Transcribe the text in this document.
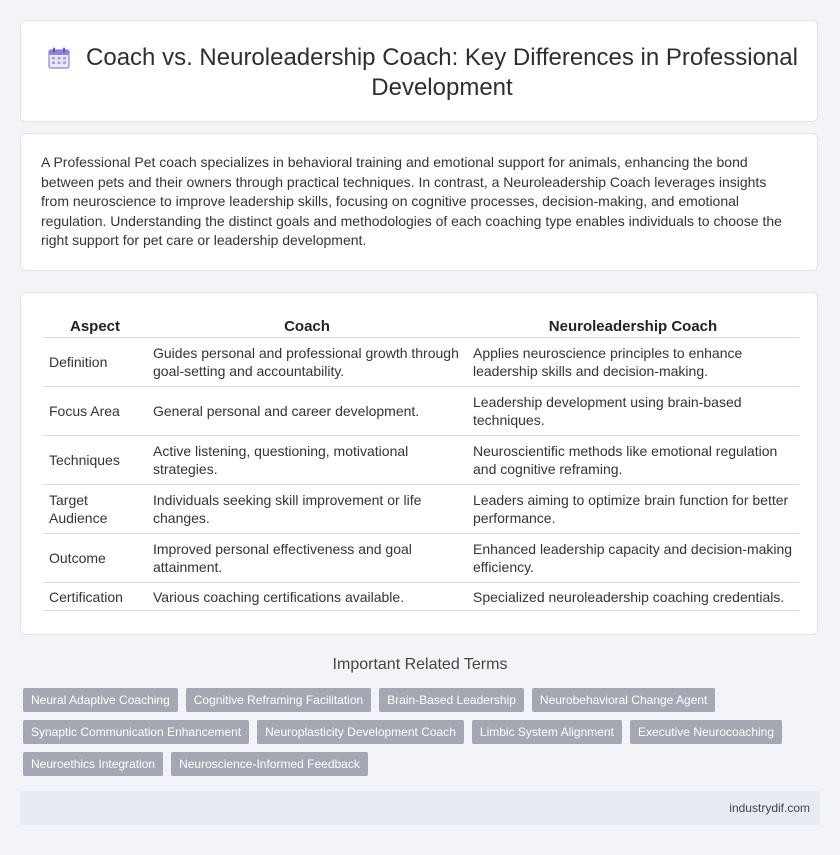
Coach vs. Neuroleadership Coach: Key Differences in Professional Development

A Professional Pet coach specializes in behavioral training and emotional support for animals, enhancing the bond between pets and their owners through practical techniques. In contrast, a Neuroleadership Coach leverages insights from neuroscience to improve leadership skills, focusing on cognitive processes, decision-making, and emotional regulation. Understanding the distinct goals and methodologies of each coaching type enables individuals to choose the right support for pet care or leadership development.

Aspect	Coach	Neuroleadership Coach
Definition	Guides personal and professional growth through goal-setting and accountability.	Applies neuroscience principles to enhance leadership skills and decision-making.
Focus Area	General personal and career development.	Leadership development using brain-based techniques.
Techniques	Active listening, questioning, motivational strategies.	Neuroscientific methods like emotional regulation and cognitive reframing.
Target Audience	Individuals seeking skill improvement or life changes.	Leaders aiming to optimize brain function for better performance.
Outcome	Improved personal effectiveness and goal attainment.	Enhanced leadership capacity and decision-making efficiency.
Certification	Various coaching certifications available.	Specialized neuroleadership coaching credentials.
Important Related Terms
Neural Adaptive Coaching	Cognitive Reframing Facilitation	Brain-Based Leadership	Neurobehavioral Change Agent
Synaptic Communication Enhancement	Neuroplasticity Development Coach	Limbic System Alignment	Executive Neurocoaching
Neuroethics Integration	Neuroscience-Informed Feedback
industrydif.com
